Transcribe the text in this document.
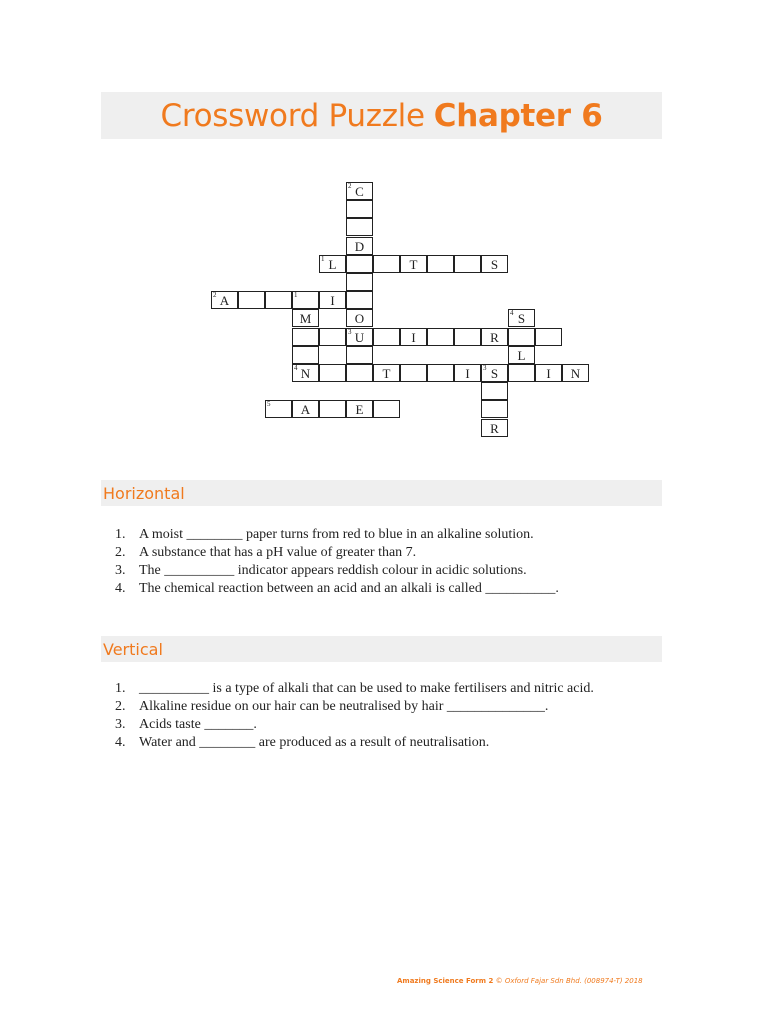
Crossword Puzzle Chapter 6
2 C
D
1 L	T	S
2 A	1	I
M	O	4 S
3 U	I	R
L
4 N	T	I	3 S	I	N
5	A	E
R
Horizontal
1. A moist ________ paper turns from red to blue in an alkaline solution.
2. A substance that has a pH value of greater than 7.
3. The __________ indicator appears reddish colour in acidic solutions.
4. The chemical reaction between an acid and an alkali is called __________.
Vertical
1. __________ is a type of alkali that can be used to make fertilisers and nitric acid.
2. Alkaline residue on our hair can be neutralised by hair ______________.
3. Acids taste _______.
4. Water and ________ are produced as a result of neutralisation.
Amazing Science Form 2 © Oxford Fajar Sdn Bhd. (008974-T) 2018
